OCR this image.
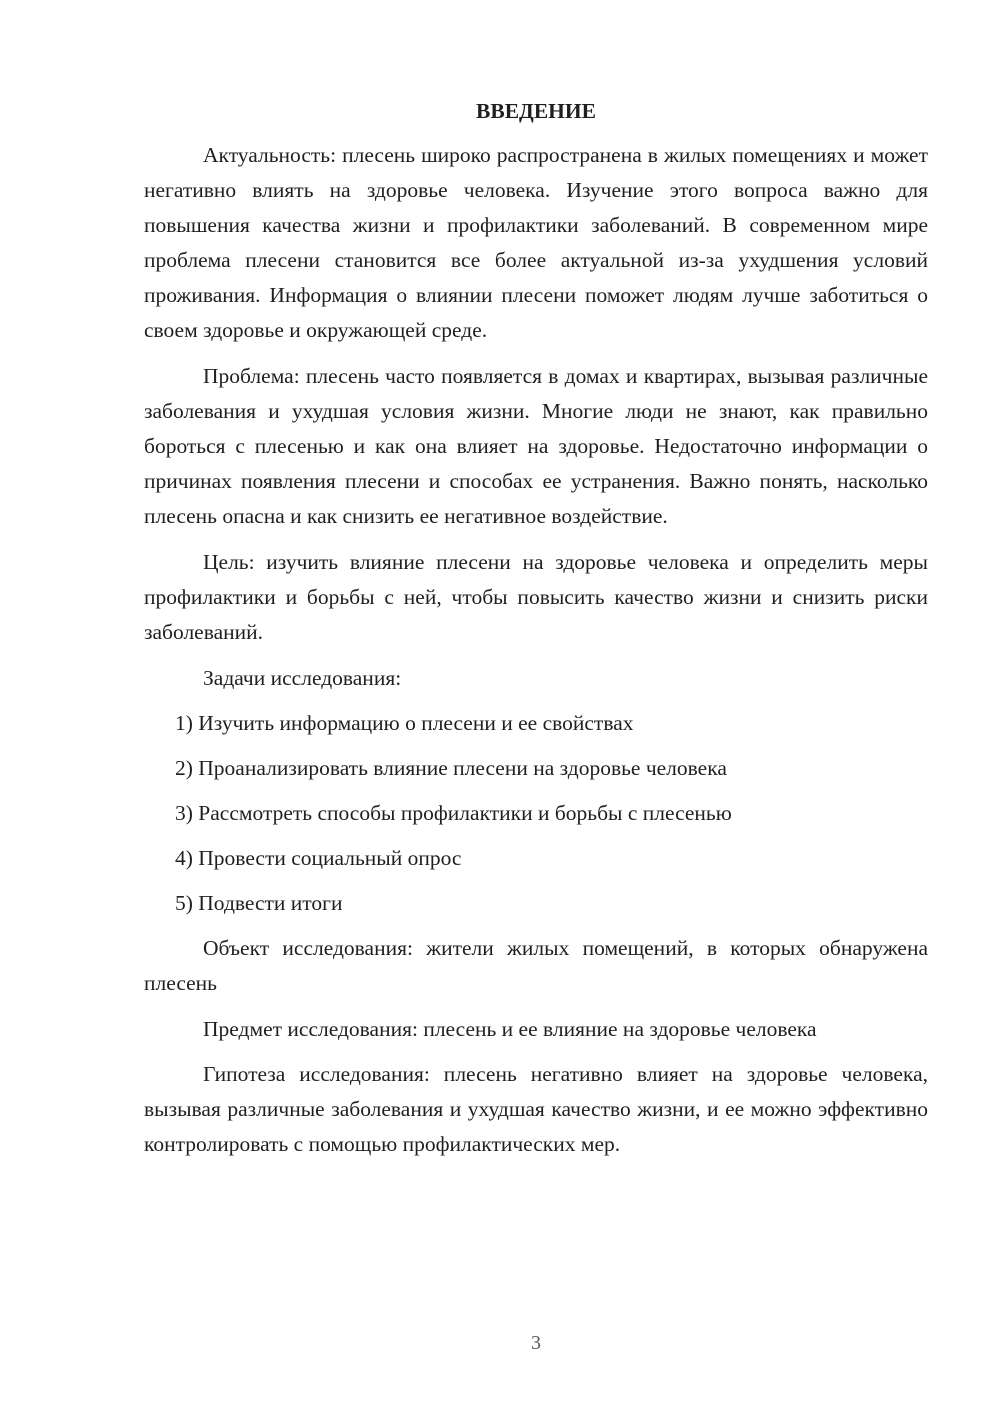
ВВЕДЕНИЕ

Актуальность: плесень широко распространена в жилых помещениях и может негативно влиять на здоровье человека. Изучение этого вопроса важно для повышения качества жизни и профилактики заболеваний. В современном мире проблема плесени становится все более актуальной из-за ухудшения условий проживания. Информация о влиянии плесени поможет людям лучше заботиться о своем здоровье и окружающей среде.

Проблема: плесень часто появляется в домах и квартирах, вызывая различные заболевания и ухудшая условия жизни. Многие люди не знают, как правильно бороться с плесенью и как она влияет на здоровье. Недостаточно информации о причинах появления плесени и способах ее устранения. Важно понять, насколько плесень опасна и как снизить ее негативное воздействие.

Цель: изучить влияние плесени на здоровье человека и определить меры профилактики и борьбы с ней, чтобы повысить качество жизни и снизить риски заболеваний.

Задачи исследования:

1) Изучить информацию о плесени и ее свойствах
2) Проанализировать влияние плесени на здоровье человека
3) Рассмотреть способы профилактики и борьбы с плесенью
4) Провести социальный опрос
5) Подвести итоги

Объект исследования: жители жилых помещений, в которых обнаружена плесень

Предмет исследования: плесень и ее влияние на здоровье человека

Гипотеза исследования: плесень негативно влияет на здоровье человека, вызывая различные заболевания и ухудшая качество жизни, и ее можно эффективно контролировать с помощью профилактических мер.

3
